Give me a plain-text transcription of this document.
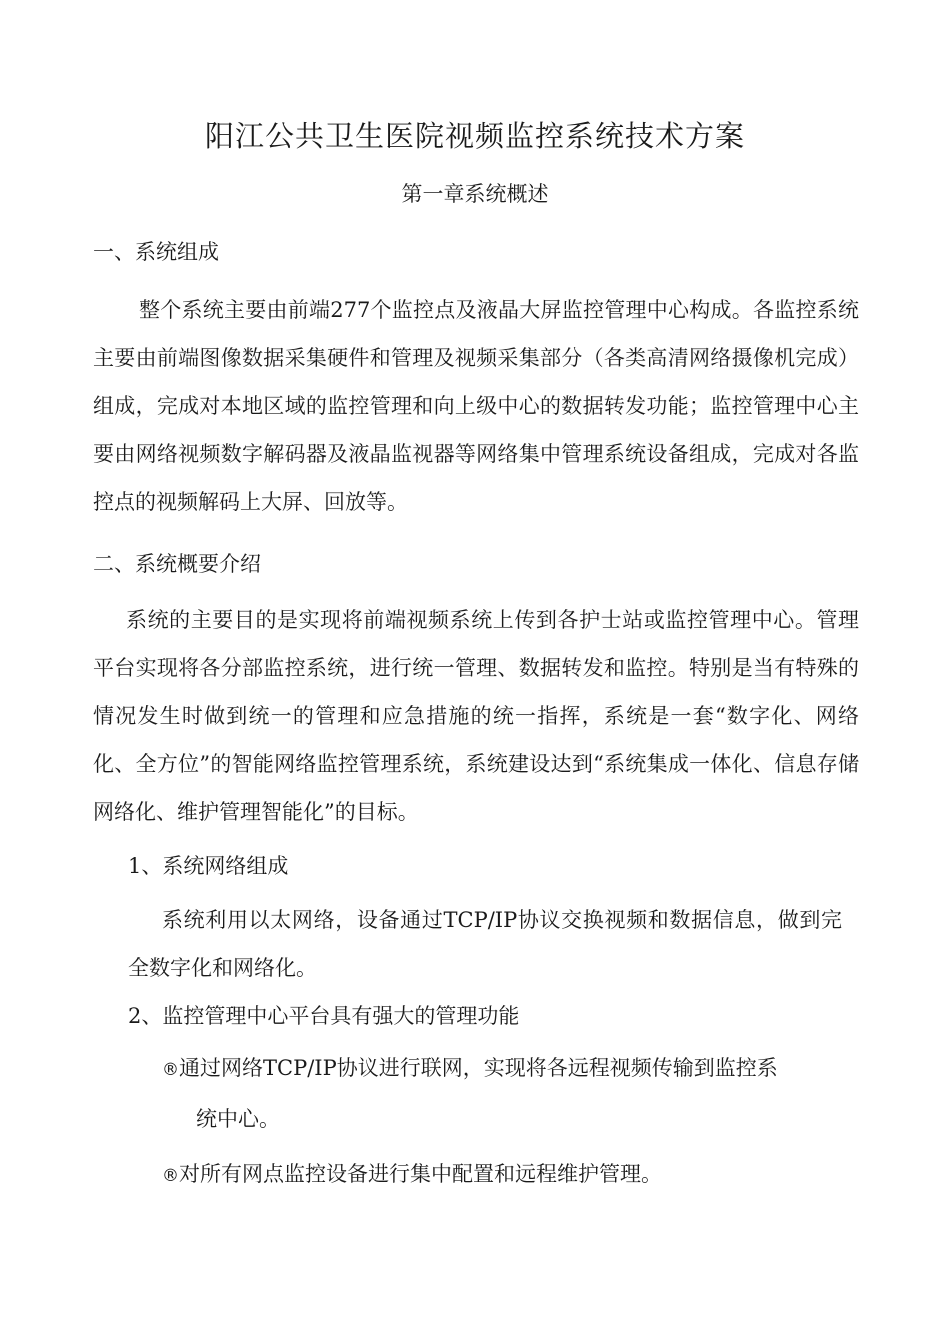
阳江公共卫生医院视频监控系统技术方案
第一章系统概述
一、系统组成
整个系统主要由前端277个监控点及液晶大屏监控管理中心构成。各监控系统主要由前端图像数据采集硬件和管理及视频采集部分（各类高清网络摄像机完成）组成，完成对本地区域的监控管理和向上级中心的数据转发功能；监控管理中心主要由网络视频数字解码器及液晶监视器等网络集中管理系统设备组成，完成对各监控点的视频解码上大屏、回放等。
二、系统概要介绍
系统的主要目的是实现将前端视频系统上传到各护士站或监控管理中心。管理平台实现将各分部监控系统，进行统一管理、数据转发和监控。特别是当有特殊的情况发生时做到统一的管理和应急措施的统一指挥，系统是一套“数字化、网络化、全方位”的智能网络监控管理系统，系统建设达到“系统集成一体化、信息存储网络化、维护管理智能化”的目标。
1、系统网络组成
系统利用以太网络，设备通过TCP/IP协议交换视频和数据信息，做到完全数字化和网络化。
2、监控管理中心平台具有强大的管理功能
®通过网络TCP/IP协议进行联网，实现将各远程视频传输到监控系
统中心。
®对所有网点监控设备进行集中配置和远程维护管理。
